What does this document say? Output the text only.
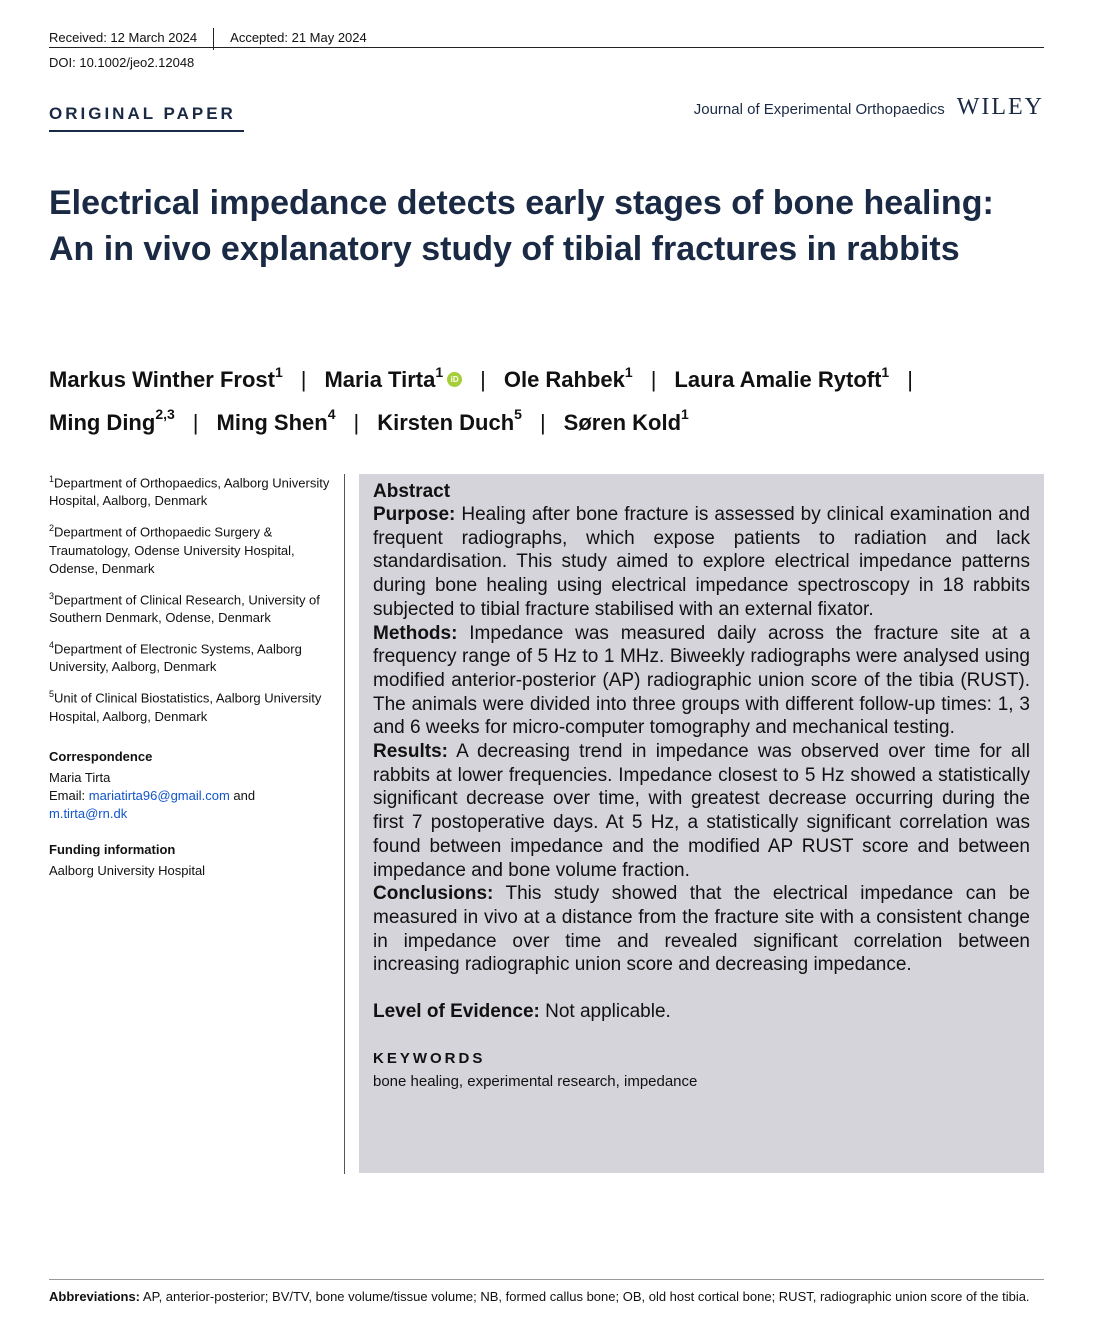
Received: 12 March 2024	Accepted: 21 May 2024
DOI: 10.1002/jeo2.12048
ORIGINAL PAPER	Journal of Experimental Orthopaedics WILEY
Electrical impedance detects early stages of bone healing: An in vivo explanatory study of tibial fractures in rabbits
Markus Winther Frost$^1$ | Maria Tirta$^1$ iD | Ole Rahbek$^1$ | Laura Amalie Rytoft$^1$ |
Ming Ding$^{2,3}$ | Ming Shen$^4$ | Kirsten Duch$^5$ | Søren Kold$^1$
$^1$Department of Orthopaedics, Aalborg University Hospital, Aalborg, Denmark
$^2$Department of Orthopaedic Surgery & Traumatology, Odense University Hospital, Odense, Denmark
$^3$Department of Clinical Research, University of Southern Denmark, Odense, Denmark
$^4$Department of Electronic Systems, Aalborg University, Aalborg, Denmark
$^5$Unit of Clinical Biostatistics, Aalborg University Hospital, Aalborg, Denmark
Correspondence
Maria Tirta
Email: mariatirta96@gmail.com and
m.tirta@rn.dk
Funding information
Aalborg University Hospital
Abstract

Purpose: Healing after bone fracture is assessed by clinical examination and frequent radiographs, which expose patients to radiation and lack standardisation. This study aimed to explore electrical impedance patterns during bone healing using electrical impedance spectroscopy in 18 rabbits subjected to tibial fracture stabilised with an external fixator.

Methods: Impedance was measured daily across the fracture site at a frequency range of 5 Hz to 1 MHz. Biweekly radiographs were analysed using modified anterior-posterior (AP) radiographic union score of the tibia (RUST). The animals were divided into three groups with different follow-up times: 1, 3 and 6 weeks for micro-computer tomography and mechanical testing.

Results: A decreasing trend in impedance was observed over time for all rabbits at lower frequencies. Impedance closest to 5 Hz showed a statistically significant decrease over time, with greatest decrease occurring during the first 7 postoperative days. At 5 Hz, a statistically significant correlation was found between impedance and the modified AP RUST score and between impedance and bone volume fraction.

Conclusions: This study showed that the electrical impedance can be measured in vivo at a distance from the fracture site with a consistent change in impedance over time and revealed significant correlation between increasing radiographic union score and decreasing impedance.

Level of Evidence: Not applicable.
KEYWORDS
bone healing, experimental research, impedance
Abbreviations: AP, anterior-posterior; BV/TV, bone volume/tissue volume; NB, formed callus bone; OB, old host cortical bone; RUST, radiographic union score of the tibia.
